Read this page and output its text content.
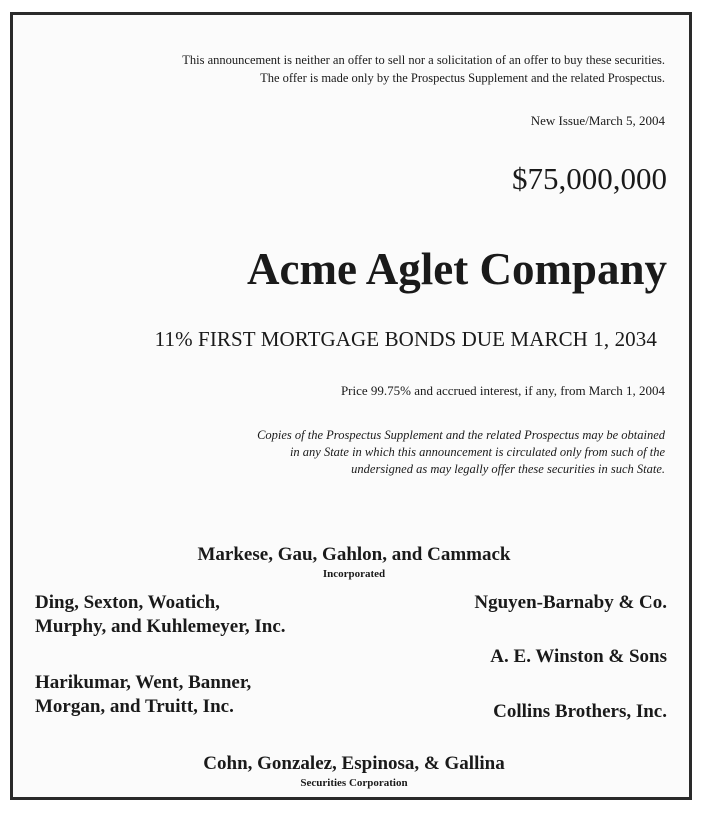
This announcement is neither an offer to sell nor a solicitation of an offer to buy these securities.
The offer is made only by the Prospectus Supplement and the related Prospectus.
New Issue/March 5, 2004
$75,000,000
Acme Aglet Company
11% FIRST MORTGAGE BONDS DUE MARCH 1, 2034
Price 99.75% and accrued interest, if any, from March 1, 2004
Copies of the Prospectus Supplement and the related Prospectus may be obtained
in any State in which this announcement is circulated only from such of the
undersigned as may legally offer these securities in such State.
Markese, Gau, Gahlon, and Cammack
Incorporated
Ding, Sexton, Woatich,
Murphy, and Kuhlemeyer, Inc.
Nguyen-Barnaby & Co.
A. E. Winston & Sons
Harikumar, Went, Banner,
Morgan, and Truitt, Inc.	Collins Brothers, Inc.
Cohn, Gonzalez, Espinosa, & Gallina
Securities Corporation
